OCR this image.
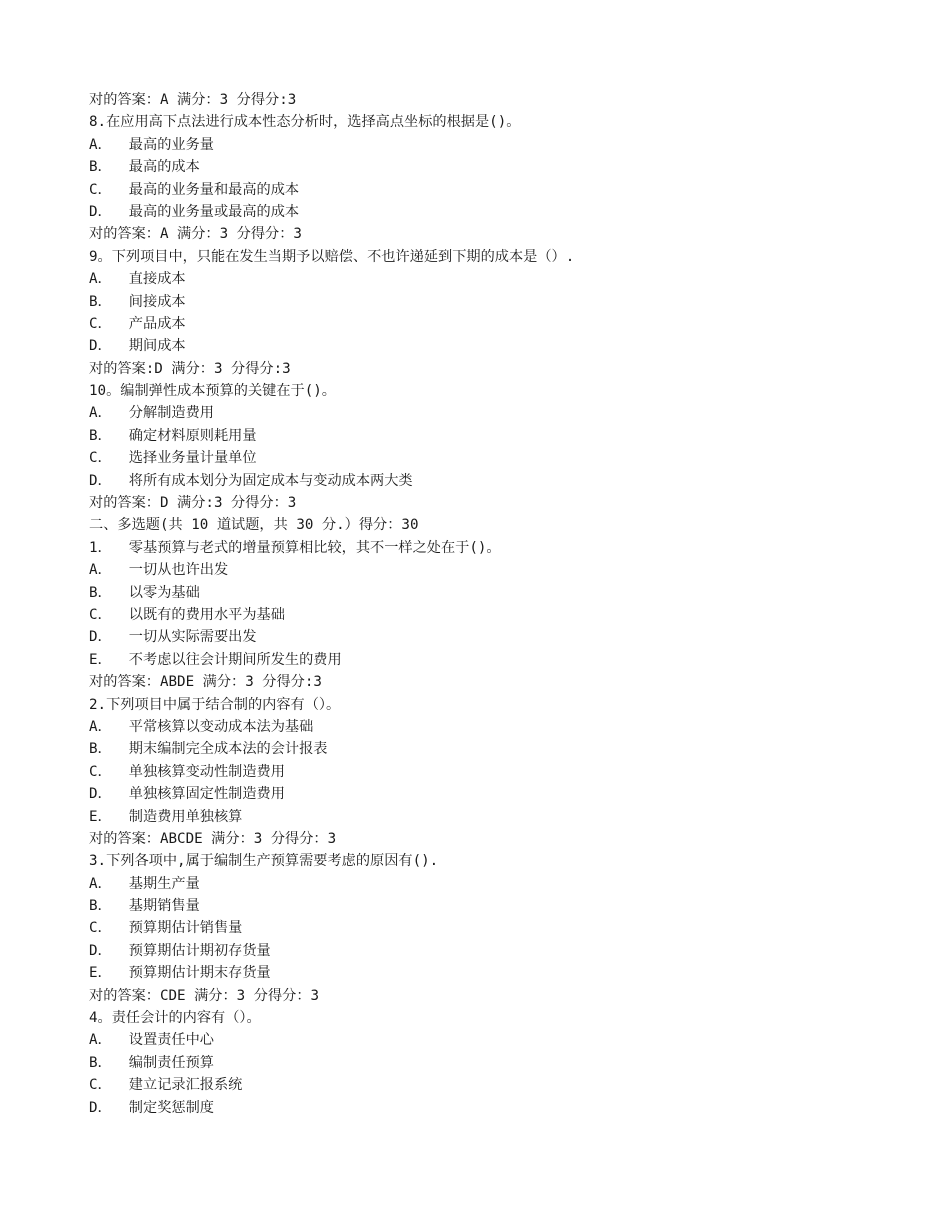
对的答案：A 满分：3 分得分:3
8.在应用高下点法进行成本性态分析时，选择高点坐标的根据是()。
A．  最高的业务量
B．  最高的成本
C．  最高的业务量和最高的成本
D．  最高的业务量或最高的成本
对的答案：A 满分：3 分得分：3
9。下列项目中，只能在发生当期予以赔偿、不也许递延到下期的成本是（）.
A．  直接成本
B．  间接成本
C．  产品成本
D．  期间成本
对的答案:D 满分：3 分得分:3
10。编制弹性成本预算的关键在于()。
A．  分解制造费用
B．  确定材料原则耗用量
C．  选择业务量计量单位
D．  将所有成本划分为固定成本与变动成本两大类
对的答案：D 满分:3 分得分：3
二、多选题(共 10 道试题，共 30 分.）得分：30
1．  零基预算与老式的增量预算相比较，其不一样之处在于()。
A．  一切从也许出发
B．  以零为基础
C．  以既有的费用水平为基础
D．  一切从实际需要出发
E．  不考虑以往会计期间所发生的费用
对的答案：ABDE 满分：3 分得分:3
2.下列项目中属于结合制的内容有（）。
A．  平常核算以变动成本法为基础
B．  期末编制完全成本法的会计报表
C．  单独核算变动性制造费用
D．  单独核算固定性制造费用
E．  制造费用单独核算
对的答案：ABCDE 满分：3 分得分：3
3.下列各项中,属于编制生产预算需要考虑的原因有().
A．  基期生产量
B．  基期销售量
C．  预算期估计销售量
D．  预算期估计期初存货量
E．  预算期估计期末存货量
对的答案：CDE 满分：3 分得分：3
4。责任会计的内容有（）。
A．  设置责任中心
B．  编制责任预算
C．  建立记录汇报系统
D．  制定奖惩制度
